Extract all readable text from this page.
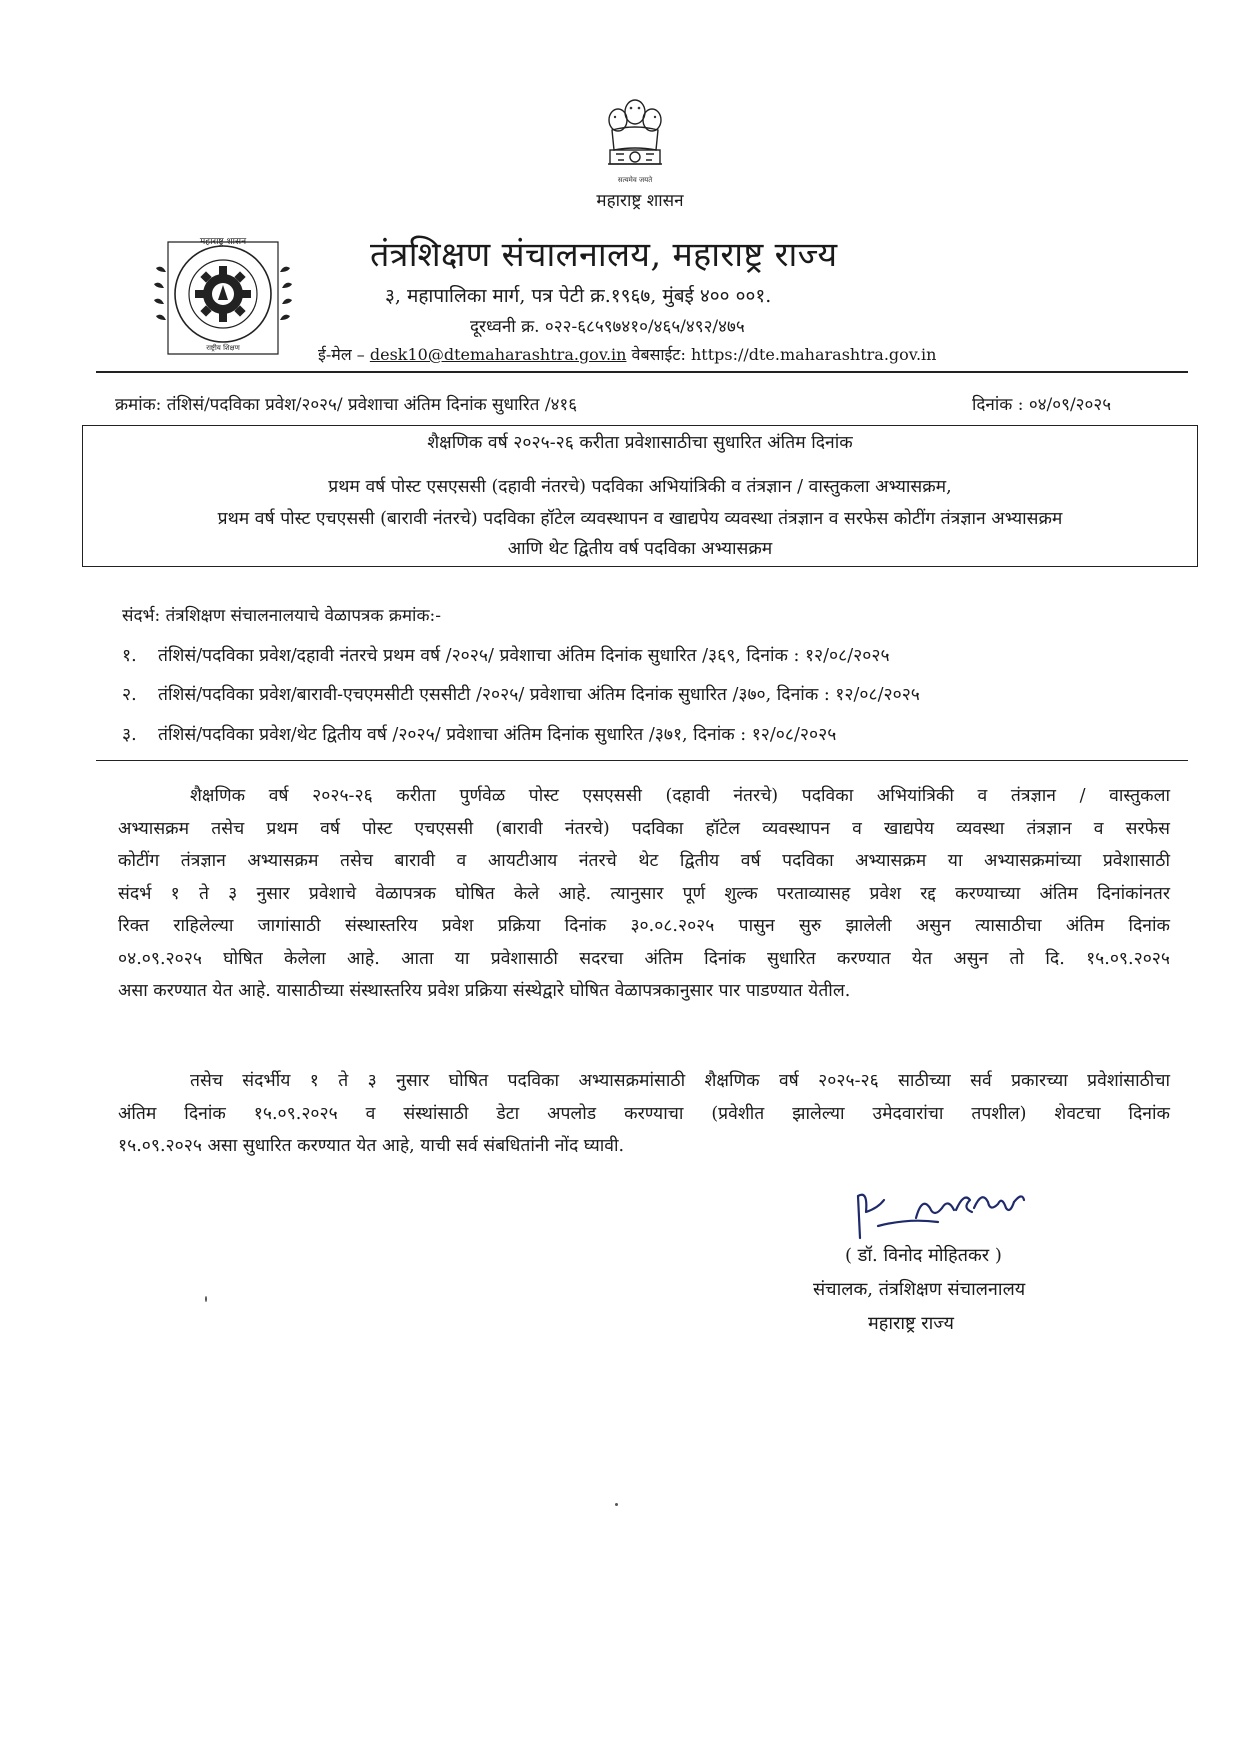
सत्यमेव जयते
महाराष्ट्र शासन
महाराष्ट्र शासन
राष्ट्रीय शिक्षण
तंत्रशिक्षण संचालनालय, महाराष्ट्र राज्य
३, महापालिका मार्ग, पत्र पेटी क्र.१९६७, मुंबई ४०० ००१.
दूरध्वनी क्र. ०२२-६८५९७४१०/४६५/४९२/४७५
ई-मेल – desk10@dtemaharashtra.gov.in वेबसाईट: https://dte.maharashtra.gov.in
क्रमांक: तंशिसं/पदविका प्रवेश/२०२५/ प्रवेशाचा अंतिम दिनांक सुधारित /४१६	दिनांक : ०४/०९/२०२५
शैक्षणिक वर्ष २०२५-२६ करीता प्रवेशासाठीचा सुधारित अंतिम दिनांक
प्रथम वर्ष पोस्ट एसएससी (दहावी नंतरचे) पदविका अभियांत्रिकी व तंत्रज्ञान / वास्तुकला अभ्यासक्रम,
प्रथम वर्ष पोस्ट एचएससी (बारावी नंतरचे) पदविका हॉटेल व्यवस्थापन व खाद्यपेय व्यवस्था तंत्रज्ञान व सरफेस कोटींग तंत्रज्ञान अभ्यासक्रम
आणि थेट द्वितीय वर्ष पदविका अभ्यासक्रम
संदर्भ: तंत्रशिक्षण संचालनालयाचे वेळापत्रक क्रमांक:-
१. तंशिसं/पदविका प्रवेश/दहावी नंतरचे प्रथम वर्ष /२०२५/ प्रवेशाचा अंतिम दिनांक सुधारित /३६९, दिनांक : १२/०८/२०२५
२. तंशिसं/पदविका प्रवेश/बारावी-एचएमसीटी एससीटी /२०२५/ प्रवेशाचा अंतिम दिनांक सुधारित /३७०, दिनांक : १२/०८/२०२५
३. तंशिसं/पदविका प्रवेश/थेट द्वितीय वर्ष /२०२५/ प्रवेशाचा अंतिम दिनांक सुधारित /३७१, दिनांक : १२/०८/२०२५
शैक्षणिक वर्ष २०२५-२६ करीता पुर्णवेळ पोस्ट एसएससी (दहावी नंतरचे) पदविका अभियांत्रिकी व तंत्रज्ञान / वास्तुकला
अभ्यासक्रम तसेच प्रथम वर्ष पोस्ट एचएससी (बारावी नंतरचे) पदविका हॉटेल व्यवस्थापन व खाद्यपेय व्यवस्था तंत्रज्ञान व सरफेस
कोटींग तंत्रज्ञान अभ्यासक्रम तसेच बारावी व आयटीआय नंतरचे थेट द्वितीय वर्ष पदविका अभ्यासक्रम या अभ्यासक्रमांच्या प्रवेशासाठी
संदर्भ १ ते ३ नुसार प्रवेशाचे वेळापत्रक घोषित केले आहे. त्यानुसार पूर्ण शुल्क परताव्यासह प्रवेश रद्द करण्याच्या अंतिम दिनांकांनतर
रिक्त राहिलेल्या जागांसाठी संस्थास्तरिय प्रवेश प्रक्रिया दिनांक ३०.०८.२०२५ पासुन सुरु झालेली असुन त्यासाठीचा अंतिम दिनांक
०४.०९.२०२५ घोषित केलेला आहे. आता या प्रवेशासाठी सदरचा अंतिम दिनांक सुधारित करण्यात येत असुन तो दि. १५.०९.२०२५
असा करण्यात येत आहे. यासाठीच्या संस्थास्तरिय प्रवेश प्रक्रिया संस्थेद्वारे घोषित वेळापत्रकानुसार पार पाडण्यात येतील.
तसेच संदर्भीय १ ते ३ नुसार घोषित पदविका अभ्यासक्रमांसाठी शैक्षणिक वर्ष २०२५-२६ साठीच्या सर्व प्रकारच्या प्रवेशांसाठीचा
अंतिम दिनांक १५.०९.२०२५ व संस्थांसाठी डेटा अपलोड करण्याचा (प्रवेशीत झालेल्या उमेदवारांचा तपशील) शेवटचा दिनांक
१५.०९.२०२५ असा सुधारित करण्यात येत आहे, याची सर्व संबधितांनी नोंद घ्यावी.
( डॉ. विनोद मोहितकर )
संचालक, तंत्रशिक्षण संचालनालय
महाराष्ट्र राज्य
